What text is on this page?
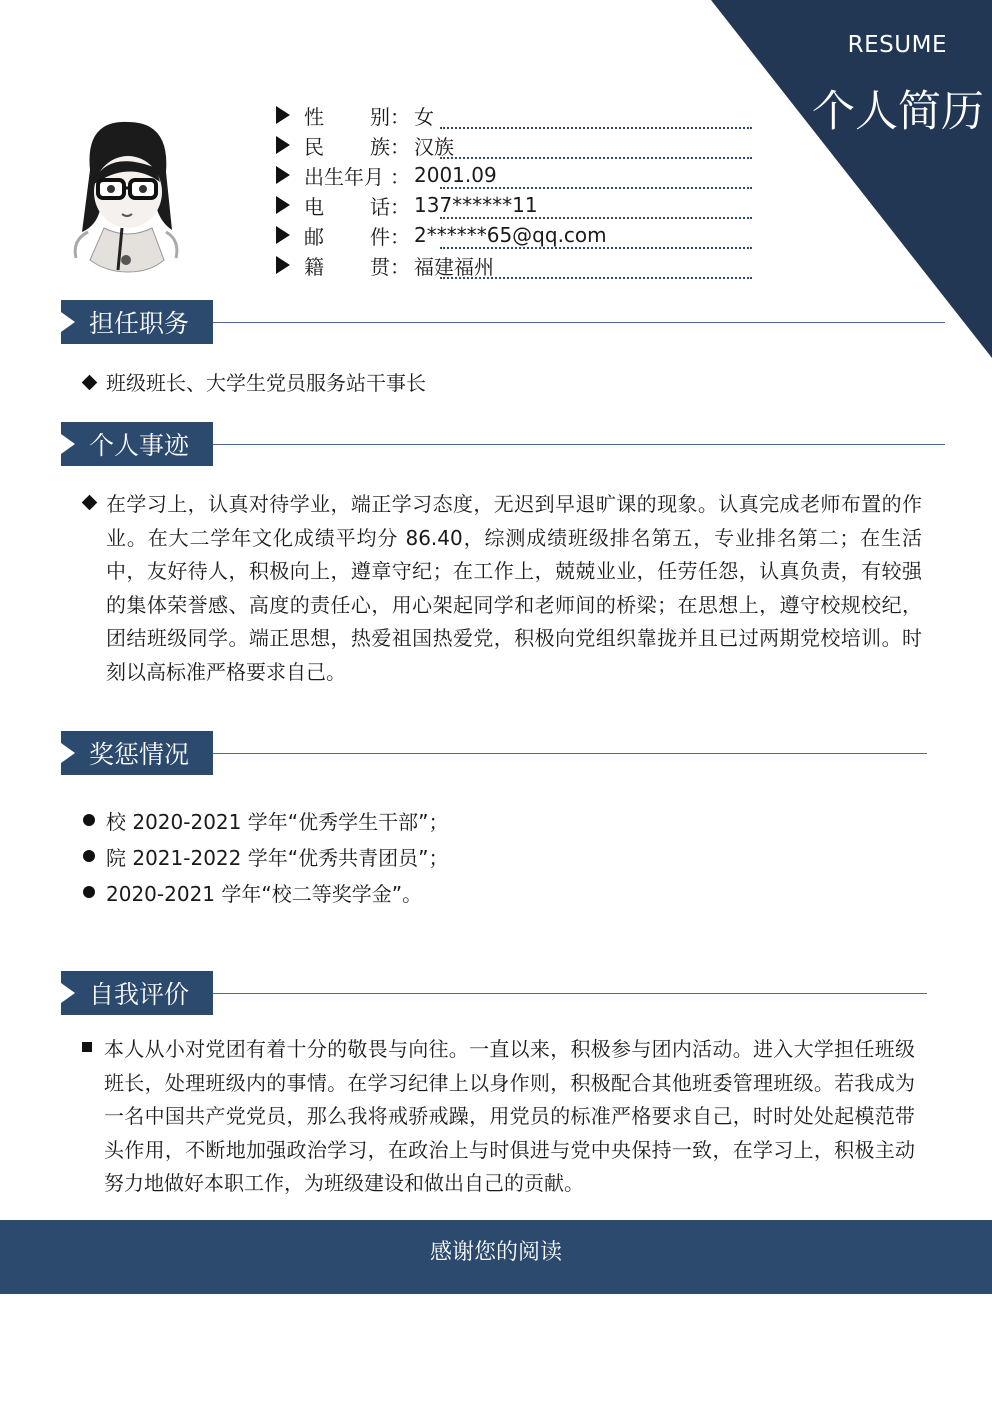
RESUME
个人简历
性 别 ： 女
民 族 ： 汉族
出生年月 ： 2001.09
电 话 ： 137******11
邮 件 ： 2******65@qq.com
籍 贯 ： 福建福州
担任职务
班级班长、大学生党员服务站干事长
个人事迹
在学习上，认真对待学业，端正学习态度，无迟到早退旷课的现象。认真完成老师布置的作业。在大二学年文化成绩平均分 86.40，综测成绩班级排名第五，专业排名第二；在生活中，友好待人，积极向上，遵章守纪；在工作上，兢兢业业，任劳任怨，认真负责，有较强的集体荣誉感、高度的责任心，用心架起同学和老师间的桥梁；在思想上，遵守校规校纪，团结班级同学。端正思想，热爱祖国热爱党，积极向党组织靠拢并且已过两期党校培训。时刻以高标准严格要求自己。
奖惩情况
校 2020-2021 学年“优秀学生干部”；
院 2021-2022 学年“优秀共青团员”；
2020-2021 学年“校二等奖学金”。
自我评价
本人从小对党团有着十分的敬畏与向往。一直以来，积极参与团内活动。进入大学担任班级班长，处理班级内的事情。在学习纪律上以身作则，积极配合其他班委管理班级。若我成为一名中国共产党党员，那么我将戒骄戒躁，用党员的标准严格要求自己，时时处处起模范带头作用，不断地加强政治学习，在政治上与时俱进与党中央保持一致，在学习上，积极主动努力地做好本职工作，为班级建设和做出自己的贡献。
感谢您的阅读
